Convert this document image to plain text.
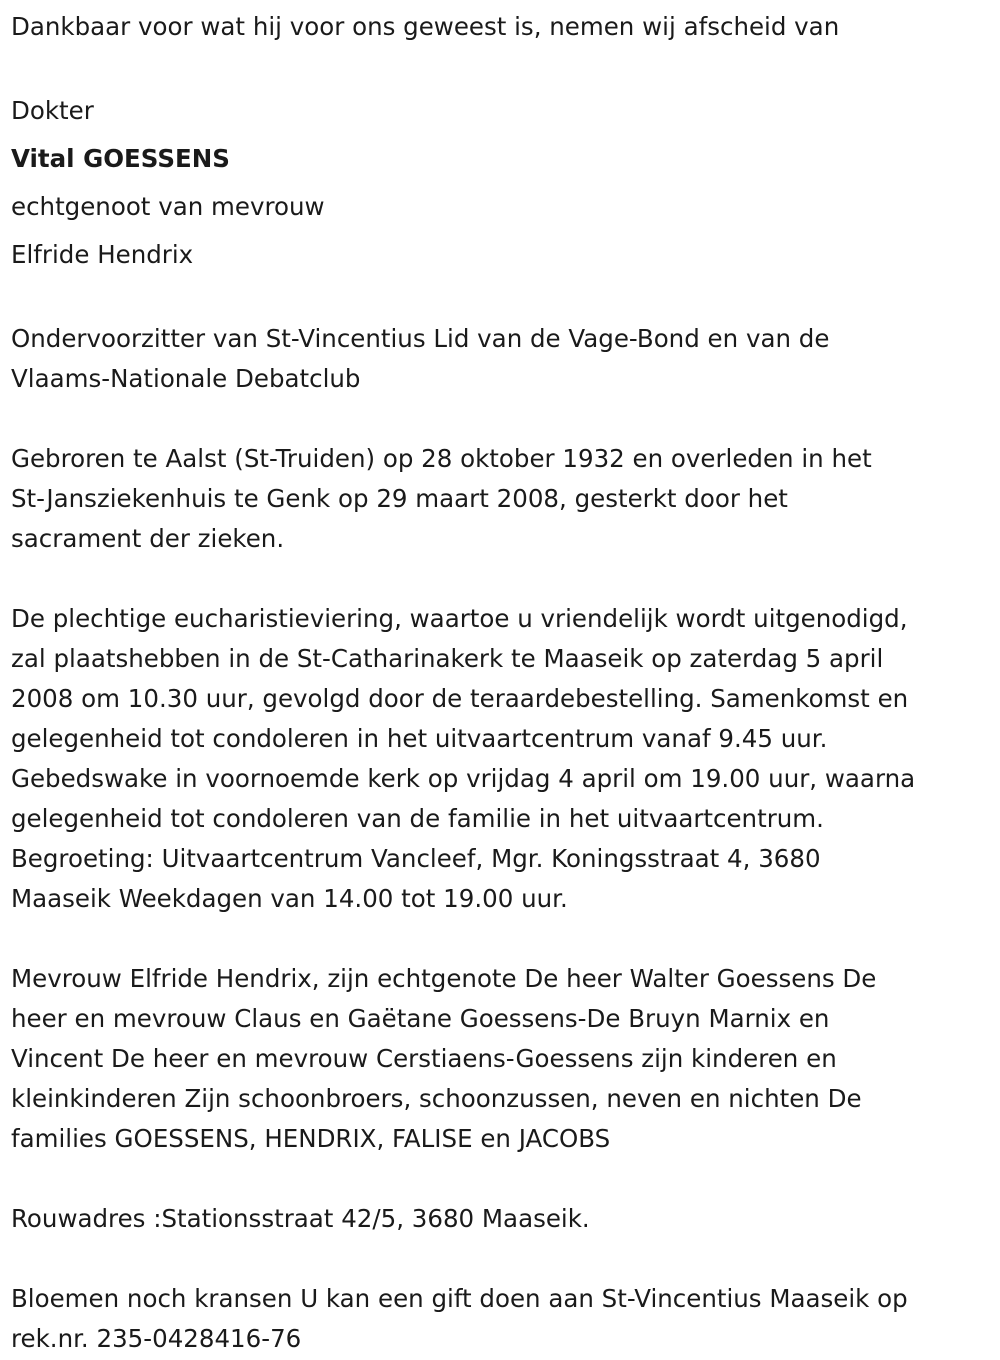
Dankbaar voor wat hij voor ons geweest is, nemen wij afscheid van
Dokter
Vital GOESSENS
echtgenoot van mevrouw
Elfride Hendrix
Ondervoorzitter van St-Vincentius Lid van de Vage-Bond en van de
Vlaams-Nationale Debatclub
Gebroren te Aalst (St-Truiden) op 28 oktober 1932 en overleden in het
St-Jansziekenhuis te Genk op 29 maart 2008, gesterkt door het
sacrament der zieken.
De plechtige eucharistieviering, waartoe u vriendelijk wordt uitgenodigd,
zal plaatshebben in de St-Catharinakerk te Maaseik op zaterdag 5 april
2008 om 10.30 uur, gevolgd door de teraardebestelling. Samenkomst en
gelegenheid tot condoleren in het uitvaartcentrum vanaf 9.45 uur.
Gebedswake in voornoemde kerk op vrijdag 4 april om 19.00 uur, waarna
gelegenheid tot condoleren van de familie in het uitvaartcentrum.
Begroeting: Uitvaartcentrum Vancleef, Mgr. Koningsstraat 4, 3680
Maaseik Weekdagen van 14.00 tot 19.00 uur.
Mevrouw Elfride Hendrix, zijn echtgenote De heer Walter Goessens De
heer en mevrouw Claus en Gaëtane Goessens-De Bruyn Marnix en
Vincent De heer en mevrouw Cerstiaens-Goessens zijn kinderen en
kleinkinderen Zijn schoonbroers, schoonzussen, neven en nichten De
families GOESSENS, HENDRIX, FALISE en JACOBS
Rouwadres :Stationsstraat 42/5, 3680 Maaseik.
Bloemen noch kransen U kan een gift doen aan St-Vincentius Maaseik op
rek.nr. 235-0428416-76
